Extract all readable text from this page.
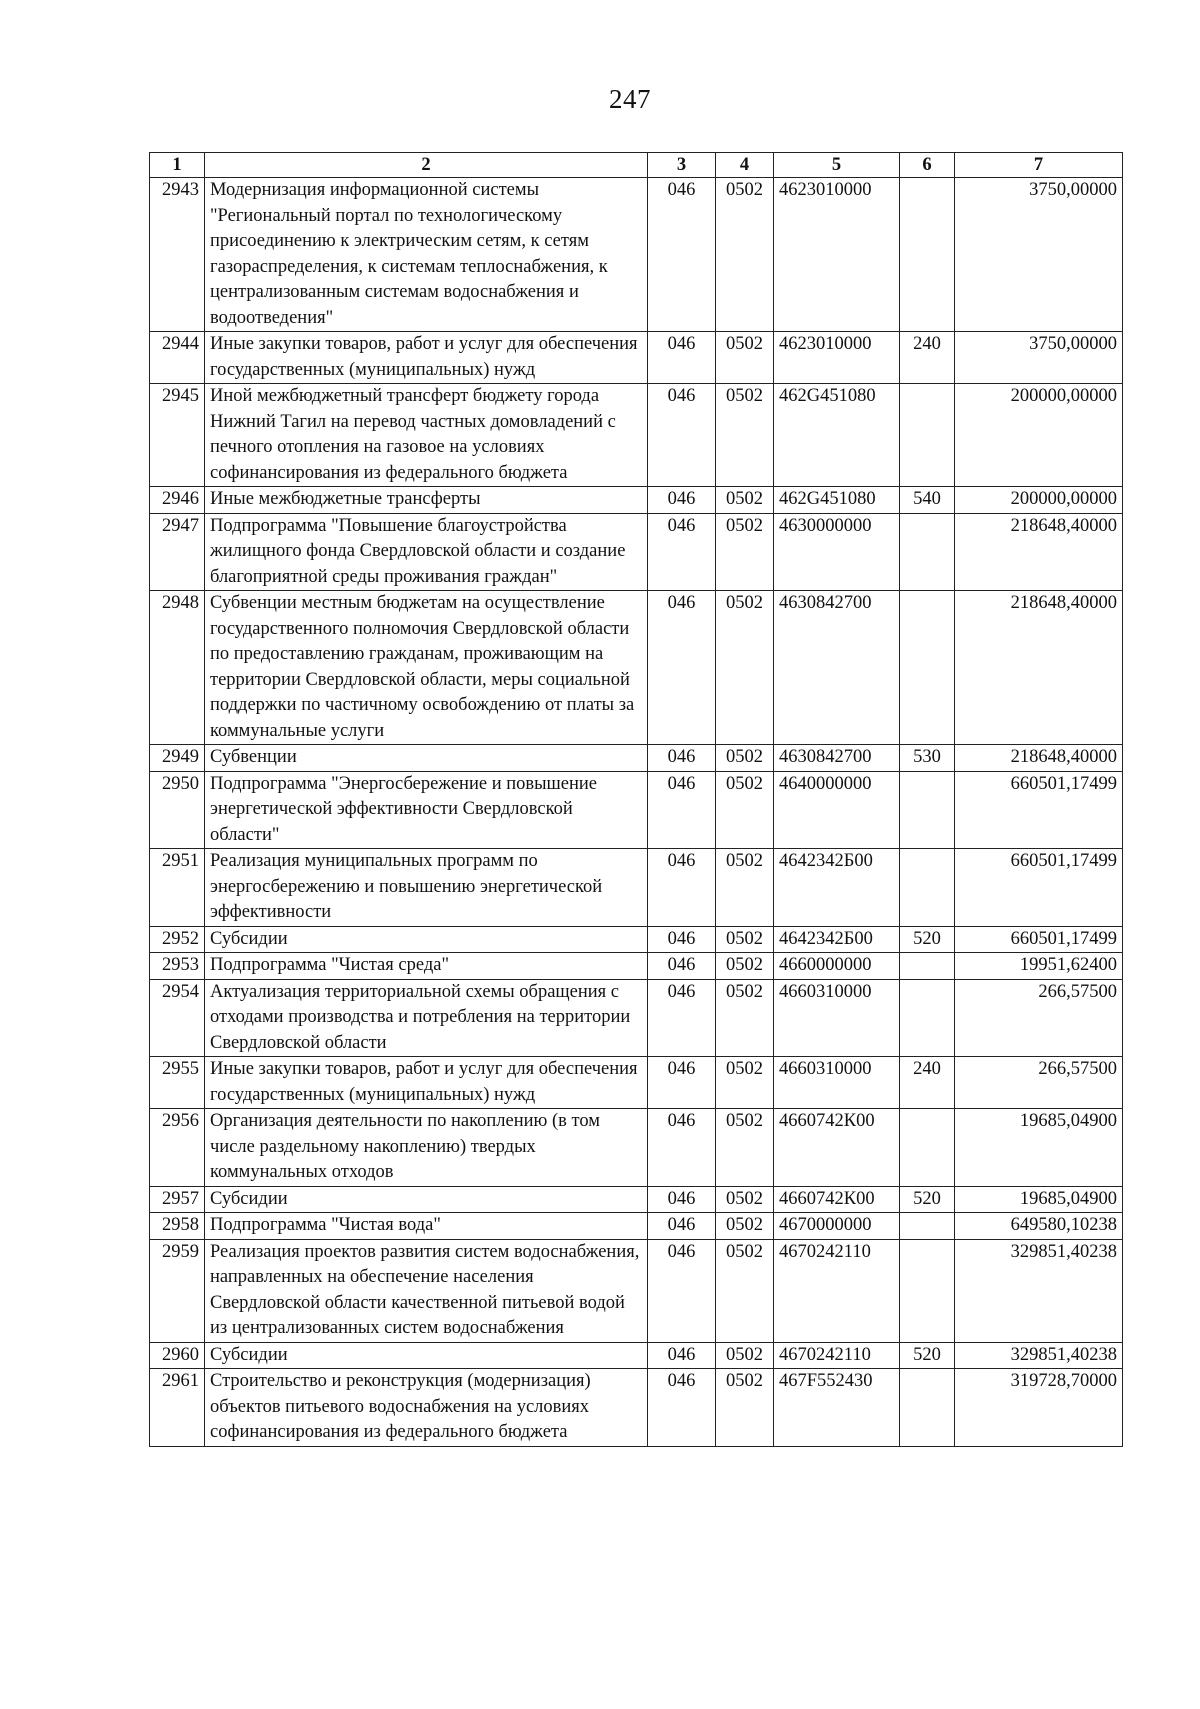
247
1	2	3	4	5	6	7
2943	Модернизация информационной системы "Региональный портал по технологическому присоединению к электрическим сетям, к сетям газораспределения, к системам теплоснабжения, к централизованным системам водоснабжения и водоотведения"	046	0502	4623010000		3750,00000
2944	Иные закупки товаров, работ и услуг для обеспечения государственных (муниципальных) нужд	046	0502	4623010000	240	3750,00000
2945	Иной межбюджетный трансферт бюджету города Нижний Тагил на перевод частных домовладений с печного отопления на газовое на условиях софинансирования из федерального бюджета	046	0502	462G451080		200000,00000
2946	Иные межбюджетные трансферты	046	0502	462G451080	540	200000,00000
2947	Подпрограмма "Повышение благоустройства жилищного фонда Свердловской области и создание благоприятной среды проживания граждан"	046	0502	4630000000		218648,40000
2948	Субвенции местным бюджетам на осуществление государственного полномочия Свердловской области по предоставлению гражданам, проживающим на территории Свердловской области, меры социальной поддержки по частичному освобождению от платы за коммунальные услуги	046	0502	4630842700		218648,40000
2949	Субвенции	046	0502	4630842700	530	218648,40000
2950	Подпрограмма "Энергосбережение и повышение энергетической эффективности Свердловской области"	046	0502	4640000000		660501,17499
2951	Реализация муниципальных программ по энергосбережению и повышению энергетической эффективности	046	0502	4642342Б00		660501,17499
2952	Субсидии	046	0502	4642342Б00	520	660501,17499
2953	Подпрограмма "Чистая среда"	046	0502	4660000000		19951,62400
2954	Актуализация территориальной схемы обращения с отходами производства и потребления на территории Свердловской области	046	0502	4660310000		266,57500
2955	Иные закупки товаров, работ и услуг для обеспечения государственных (муниципальных) нужд	046	0502	4660310000	240	266,57500
2956	Организация деятельности по накоплению (в том числе раздельному накоплению) твердых коммунальных отходов	046	0502	4660742К00		19685,04900
2957	Субсидии	046	0502	4660742К00	520	19685,04900
2958	Подпрограмма "Чистая вода"	046	0502	4670000000		649580,10238
2959	Реализация проектов развития систем водоснабжения, направленных на обеспечение населения Свердловской области качественной питьевой водой из централизованных систем водоснабжения	046	0502	4670242110		329851,40238
2960	Субсидии	046	0502	4670242110	520	329851,40238
2961	Строительство и реконструкция (модернизация) объектов питьевого водоснабжения на условиях софинансирования из федерального бюджета	046	0502	467F552430		319728,70000
